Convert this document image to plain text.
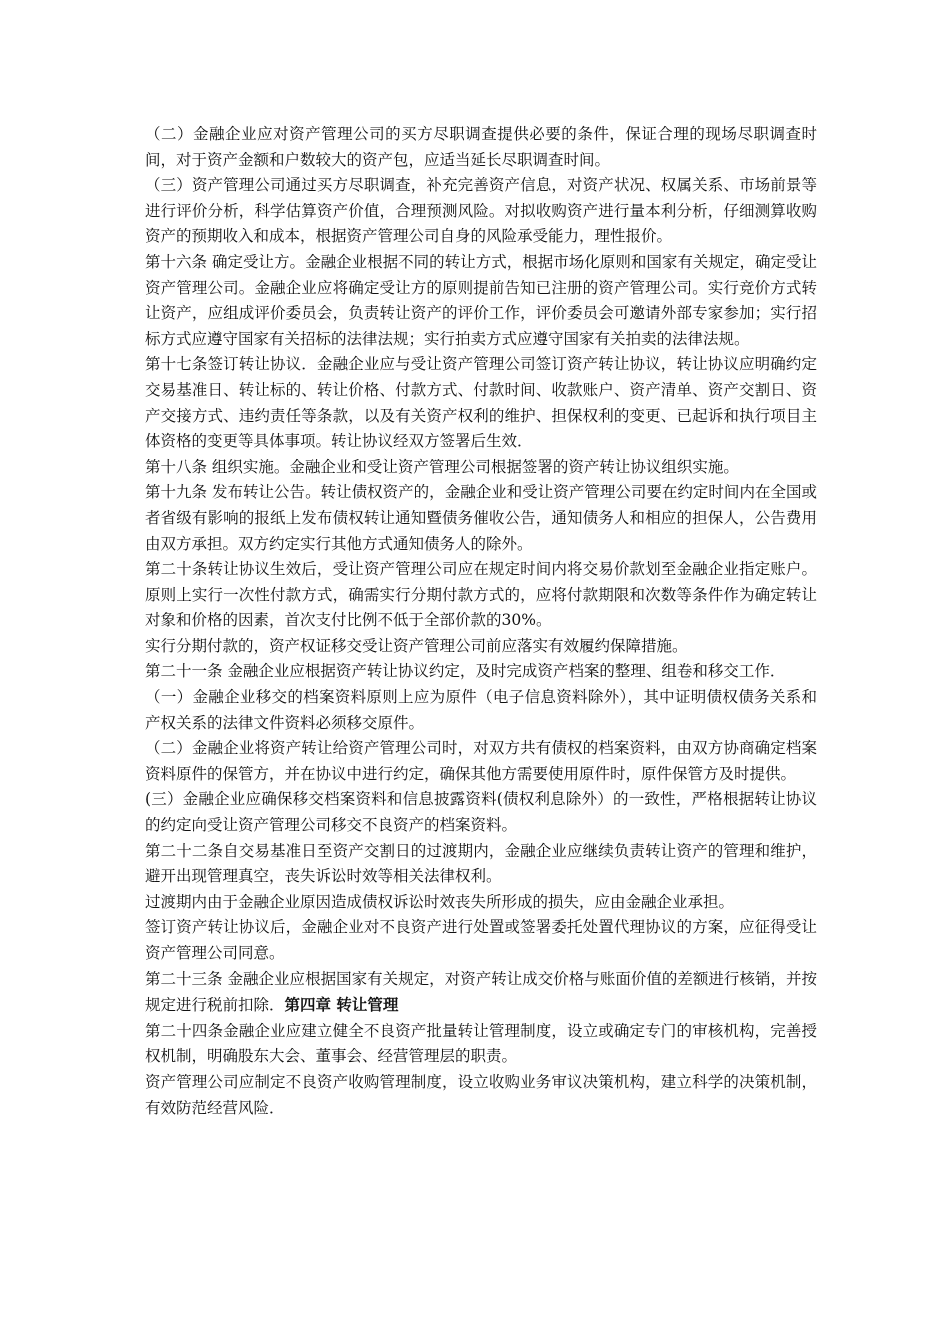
（二）金融企业应对资产管理公司的买方尽职调查提供必要的条件，保证合理的现场尽职调查时间，对于资产金额和户数较大的资产包，应适当延长尽职调查时间。

（三）资产管理公司通过买方尽职调查，补充完善资产信息，对资产状况、权属关系、市场前景等进行评价分析，科学估算资产价值，合理预测风险。对拟收购资产进行量本利分析，仔细测算收购资产的预期收入和成本，根据资产管理公司自身的风险承受能力，理性报价。

第十六条 确定受让方。金融企业根据不同的转让方式，根据市场化原则和国家有关规定，确定受让资产管理公司。金融企业应将确定受让方的原则提前告知已注册的资产管理公司。实行竞价方式转让资产，应组成评价委员会，负责转让资产的评价工作，评价委员会可邀请外部专家参加；实行招标方式应遵守国家有关招标的法律法规；实行拍卖方式应遵守国家有关拍卖的法律法规。

第十七条签订转让协议．金融企业应与受让资产管理公司签订资产转让协议，转让协议应明确约定交易基准日、转让标的、转让价格、付款方式、付款时间、收款账户、资产清单、资产交割日、资产交接方式、违约责任等条款，以及有关资产权利的维护、担保权利的变更、已起诉和执行项目主体资格的变更等具体事项。转让协议经双方签署后生效．

第十八条 组织实施。金融企业和受让资产管理公司根据签署的资产转让协议组织实施。

第十九条 发布转让公告。转让债权资产的，金融企业和受让资产管理公司要在约定时间内在全国或者省级有影响的报纸上发布债权转让通知暨债务催收公告，通知债务人和相应的担保人，公告费用由双方承担。双方约定实行其他方式通知债务人的除外。

第二十条转让协议生效后，受让资产管理公司应在规定时间内将交易价款划至金融企业指定账户。原则上实行一次性付款方式，确需实行分期付款方式的，应将付款期限和次数等条件作为确定转让对象和价格的因素，首次支付比例不低于全部价款的30%。

实行分期付款的，资产权证移交受让资产管理公司前应落实有效履约保障措施。

第二十一条 金融企业应根据资产转让协议约定，及时完成资产档案的整理、组卷和移交工作．

（一）金融企业移交的档案资料原则上应为原件（电子信息资料除外），其中证明债权债务关系和产权关系的法律文件资料必须移交原件。

（二）金融企业将资产转让给资产管理公司时，对双方共有债权的档案资料，由双方协商确定档案资料原件的保管方，并在协议中进行约定，确保其他方需要使用原件时，原件保管方及时提供。

(三）金融企业应确保移交档案资料和信息披露资料(债权利息除外）的一致性，严格根据转让协议的约定向受让资产管理公司移交不良资产的档案资料。

第二十二条自交易基准日至资产交割日的过渡期内，金融企业应继续负责转让资产的管理和维护，避开出现管理真空，丧失诉讼时效等相关法律权利。

过渡期内由于金融企业原因造成债权诉讼时效丧失所形成的损失，应由金融企业承担。

签订资产转让协议后，金融企业对不良资产进行处置或签署委托处置代理协议的方案，应征得受让资产管理公司同意。

第二十三条 金融企业应根据国家有关规定，对资产转让成交价格与账面价值的差额进行核销，并按规定进行税前扣除．第四章 转让管理

第二十四条金融企业应建立健全不良资产批量转让管理制度，设立或确定专门的审核机构，完善授权机制，明确股东大会、董事会、经营管理层的职责。

资产管理公司应制定不良资产收购管理制度，设立收购业务审议决策机构，建立科学的决策机制，有效防范经营风险．
